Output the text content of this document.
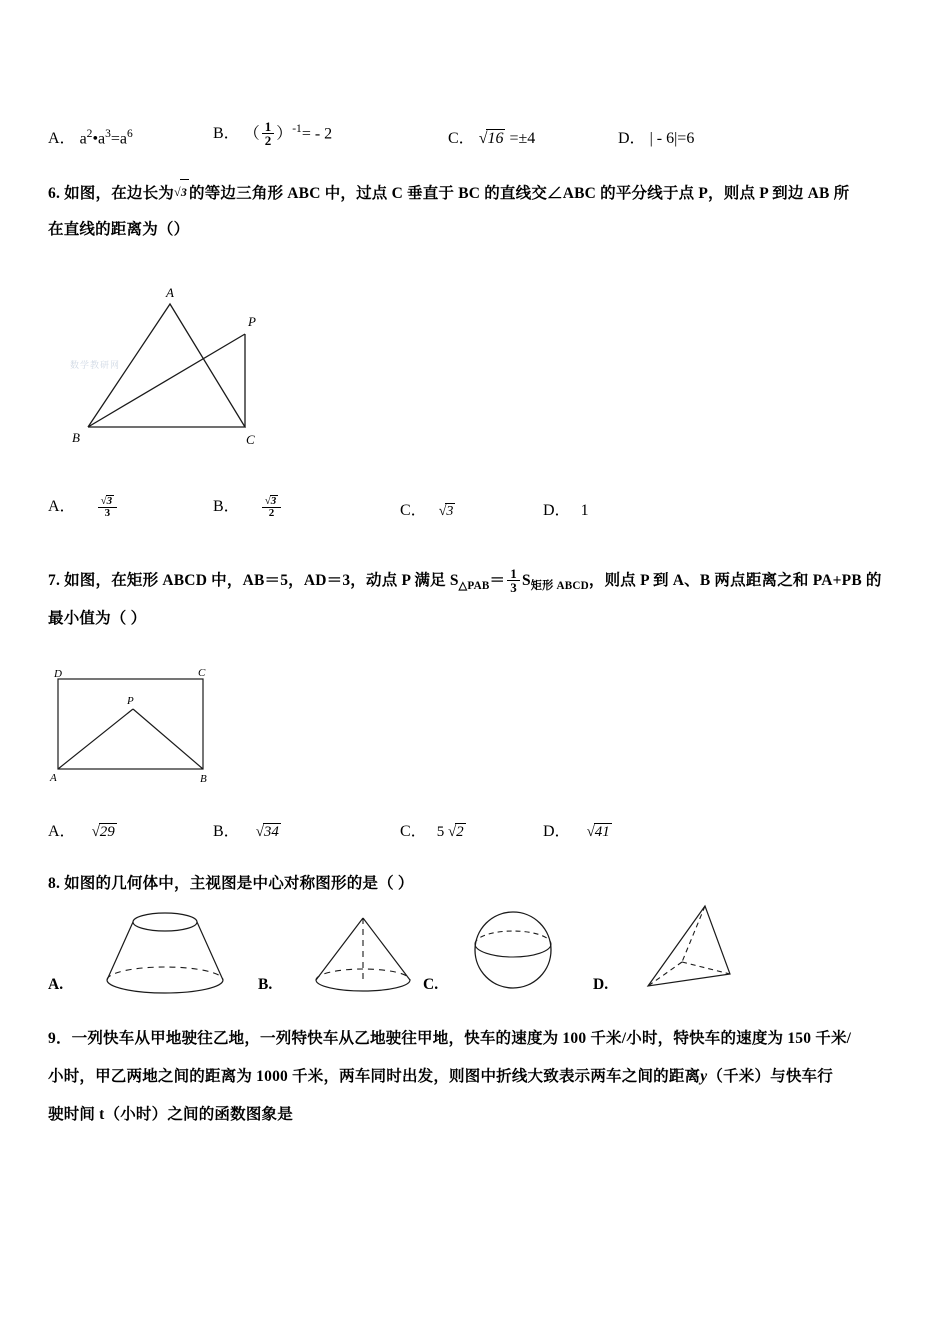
A． $a^2•a^3=a^6$	B． （ $\frac{1}{2} )^{-1}= - 2$	C． √16 =±4	D． | - 6|=6
6. 如图，在边长为√3 的等边三角形 ABC 中，过点 C 垂直于 BC 的直线交∠ABC 的平分线于点 P，则点 P 到边 AB 所
在直线的距离为（）
A
P
B	C
数学教研网
A． $\frac{√3}{3}$	B． $\frac{√3}{2}$	C． √3	D． 1
7. 如图，在矩形 ABCD 中，AB＝5，AD＝3，动点 P 满足 $S_{\triangle PAB}= \frac{1}{3} S_{矩形 ABCD}$，则点 P 到 A、B 两点距离之和 PA+PB 的
最小值为（ ）
D	C
P
A	B
A． √29	B． √34	C． 5 √2	D． √41
8. 如图的几何体中，主视图是中心对称图形的是（ ）
A.	B.	C.	D.
9．一列快车从甲地驶往乙地，一列特快车从乙地驶往甲地，快车的速度为 100 千米/小时，特快车的速度为 150 千米/
小时，甲乙两地之间的距离为 1000 千米，两车同时出发，则图中折线大致表示两车之间的距离y（千米）与快车行
驶时间 t（小时）之间的函数图象是
